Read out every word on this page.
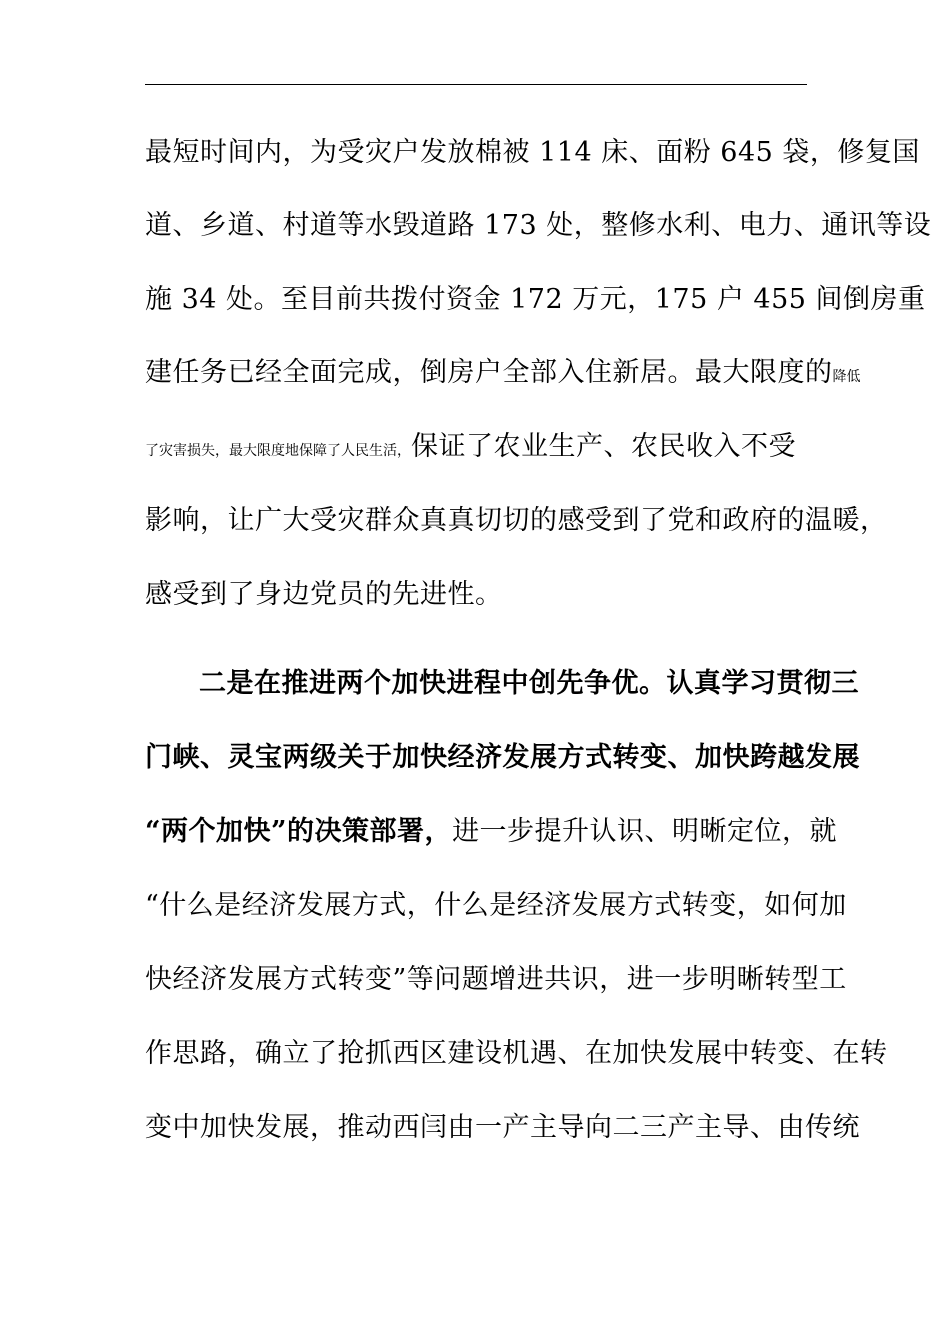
最短时间内，为受灾户发放棉被 114 床、面粉 645 袋，修复国
道、乡道、村道等水毁道路 173 处，整修水利、电力、通讯等设
施 34 处。至目前共拨付资金 172 万元，175 户 455 间倒房重
建任务已经全面完成，倒房户全部入住新居。最大限度的降低
了灾害损失，最大限度地保障了人民生活，保证了农业生产、农民收入不受
影响，让广大受灾群众真真切切的感受到了党和政府的温暖，
感受到了身边党员的先进性。
二是在推进两个加快进程中创先争优。认真学习贯彻三
门峡、灵宝两级关于加快经济发展方式转变、加快跨越发展
“两个加快”的决策部署，进一步提升认识、明晰定位，就
“什么是经济发展方式，什么是经济发展方式转变，如何加
快经济发展方式转变”等问题增进共识，进一步明晰转型工
作思路，确立了抢抓西区建设机遇、在加快发展中转变、在转
变中加快发展，推动西闫由一产主导向二三产主导、由传统
